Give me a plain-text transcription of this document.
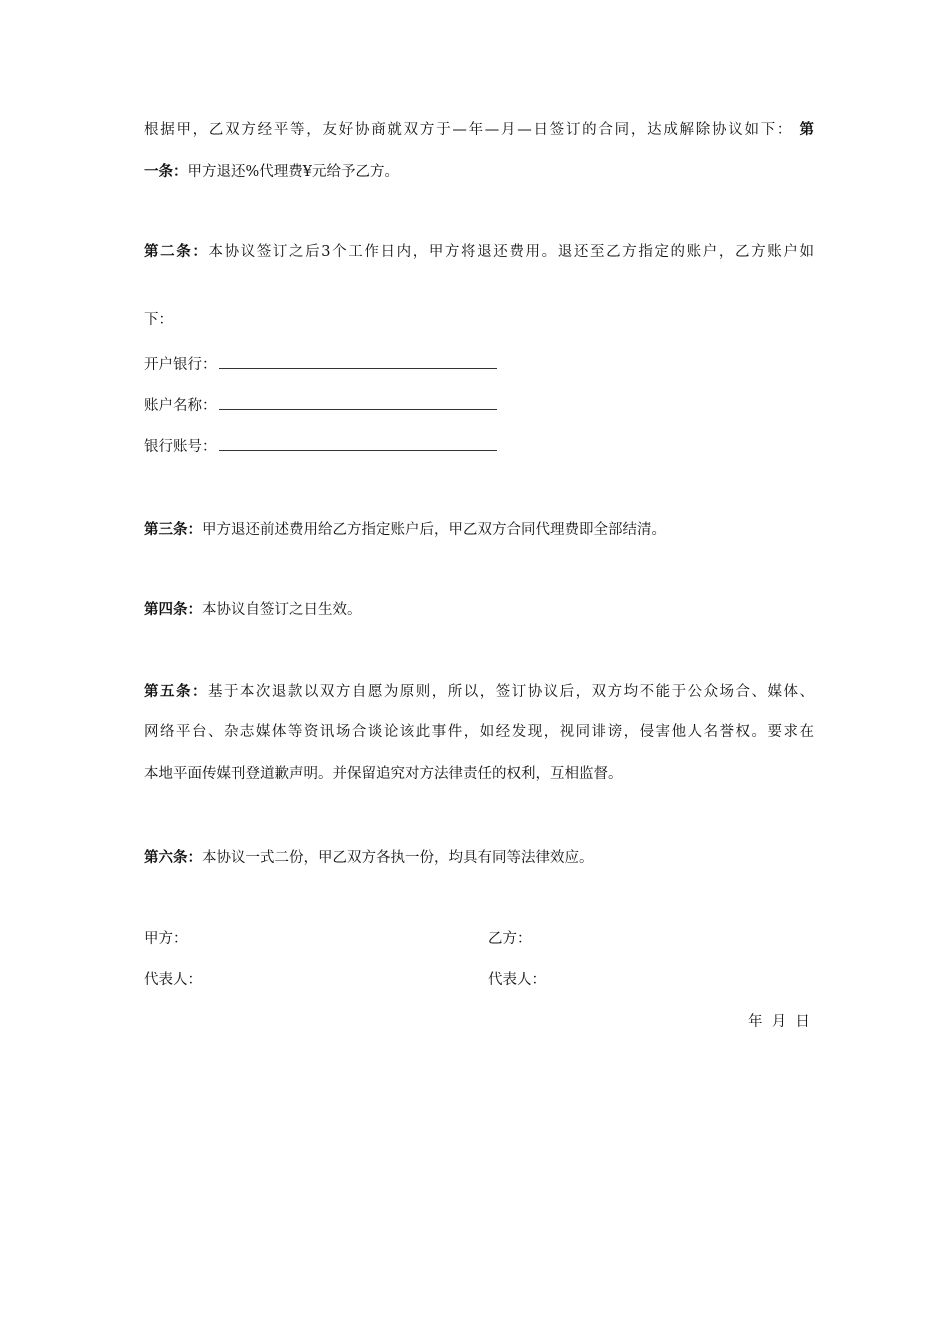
根据甲，乙双方经平等，友好协商就双方于—年—月—日签订的合同，达成解除协议如下： 第
一条：甲方退还%代理费¥元给予乙方。
第二条：本协议签订之后3个工作日内，甲方将退还费用。退还至乙方指定的账户，乙方账户如
下：
开户银行：
账户名称：
银行账号：
第三条：甲方退还前述费用给乙方指定账户后，甲乙双方合同代理费即全部结清。
第四条：本协议自签订之日生效。
第五条：基于本次退款以双方自愿为原则，所以，签订协议后，双方均不能于公众场合、媒体、
网络平台、杂志媒体等资讯场合谈论该此事件，如经发现，视同诽谤，侵害他人名誉权。要求在
本地平面传媒刊登道歉声明。并保留追究对方法律责任的权利，互相监督。
第六条：本协议一式二份，甲乙双方各执一份，均具有同等法律效应。
甲方：	乙方：
代表人：	代表人：
年  月  日
